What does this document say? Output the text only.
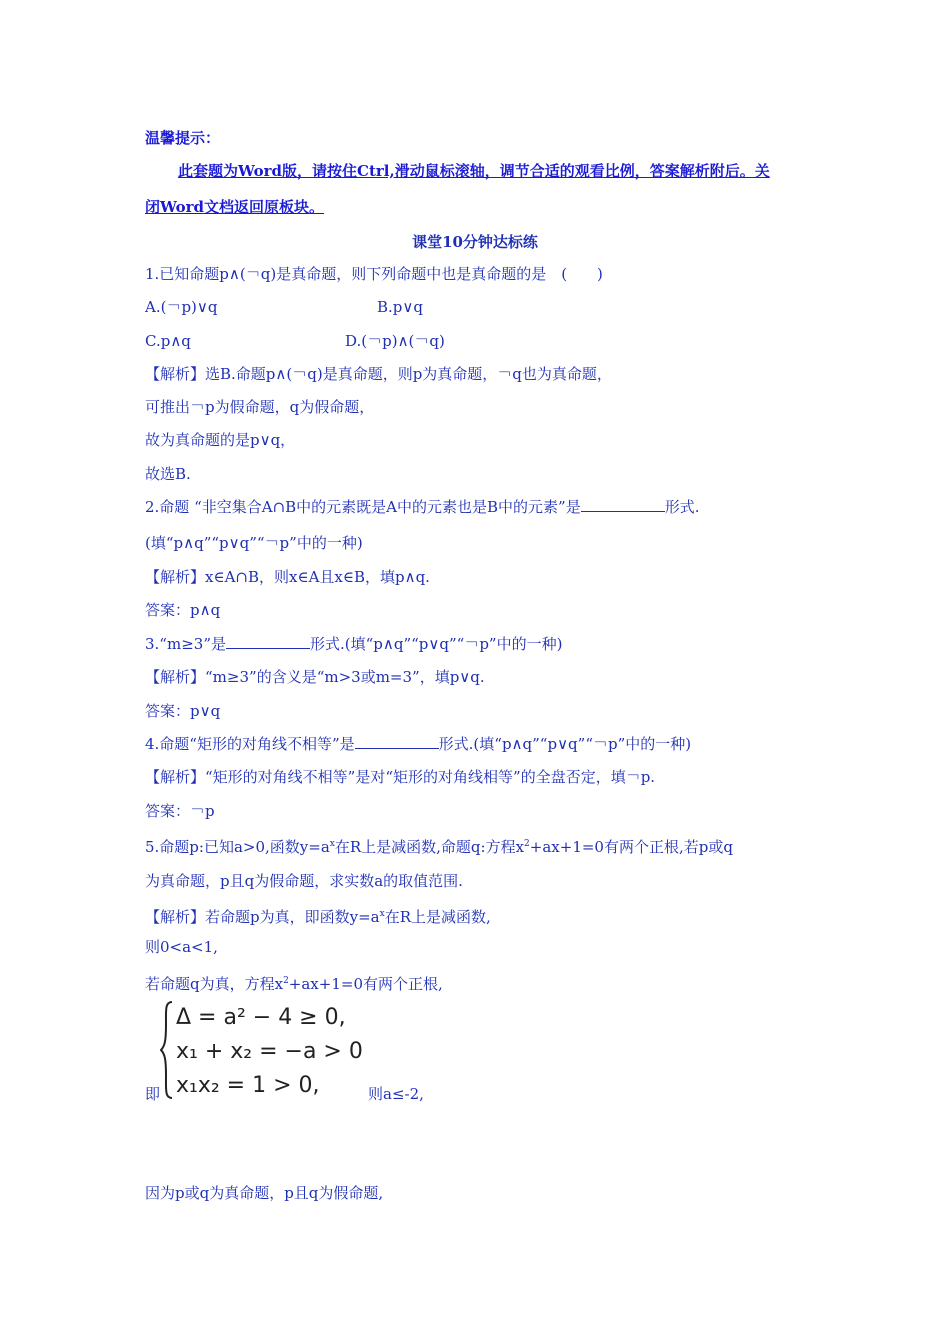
温馨提示：
此套题为Word版，请按住Ctrl,滑动鼠标滚轴，调节合适的观看比例，答案解析附后。关
闭Word文档返回原板块。
课堂10分钟达标练
1.已知命题p∧(￢q)是真命题，则下列命题中也是真命题的是　(　　)
A.(￢p)∨q	B.p∨q
C.p∧q	D.(￢p)∧(￢q)
【解析】选B.命题p∧(￢q)是真命题，则p为真命题，￢q也为真命题，
可推出￢p为假命题，q为假命题，
故为真命题的是p∨q，
故选B.
2.命题 “非空集合A∩B中的元素既是A中的元素也是B中的元素”是	形式.
(填“p∧q”“p∨q”“￢p”中的一种)
【解析】x∈A∩B，则x∈A且x∈B，填p∧q.
答案：p∧q
3.“m≥3”是	形式.(填“p∧q”“p∨q”“￢p”中的一种)
【解析】“m≥3”的含义是“m>3或m=3”，填p∨q.
答案：p∨q
4.命题“矩形的对角线不相等”是	形式.(填“p∧q”“p∨q”“￢p”中的一种)
【解析】“矩形的对角线不相等”是对“矩形的对角线相等”的全盘否定，填￢p.
答案：￢p
5.命题p:已知a>0,函数$y=a^x$在R上是减函数,命题q:方程$x^2+ax+1=0$有两个正根,若p或q
为真命题，p且q为假命题，求实数a的取值范围.
【解析】若命题p为真，即函数$y=a^x$在R上是减函数,
则0<a<1,
若命题q为真，方程$x^2+ax+1=0$有两个正根,
即
Δ = a² − 4 ≥ 0,
x₁ + x₂ = −a > 0
x₁x₂ = 1 > 0,	则a≤-2,
因为p或q为真命题，p且q为假命题,
